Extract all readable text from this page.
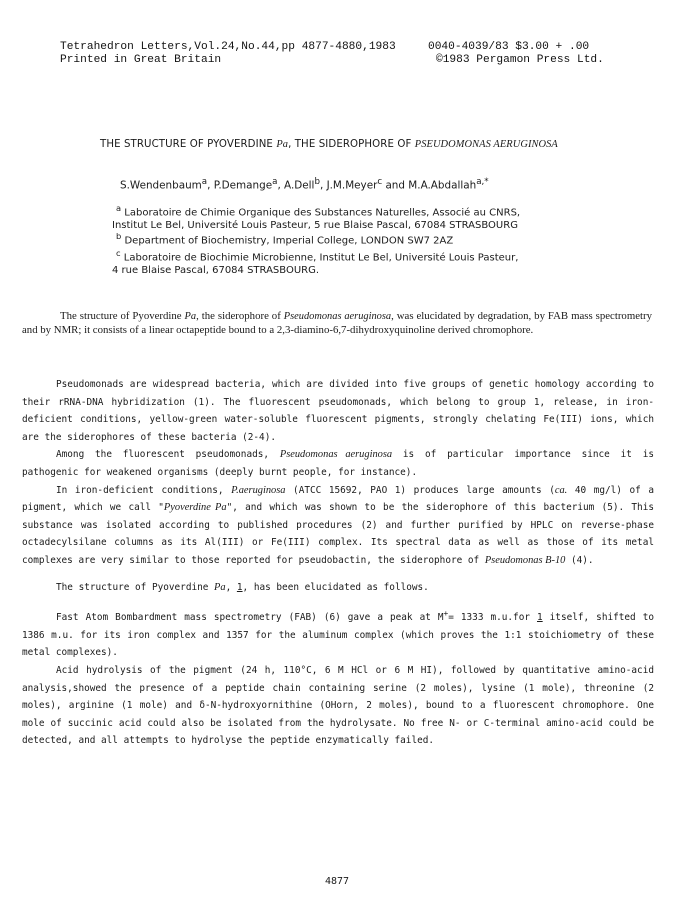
Tetrahedron Letters,Vol.24,No.44,pp 4877-4880,1983
Printed in Great Britain
0040-4039/83 $3.00 + .00
©1983 Pergamon Press Ltd.
THE STRUCTURE OF PYOVERDINE Pa, THE SIDEROPHORE OF PSEUDOMONAS AERUGINOSA
S.Wendenbaum$^a$, P.Demange$^a$, A.Dell$^b$, J.M.Meyer$^c$ and M.A.Abdallah$^{a,*}$
$^a$ Laboratoire de Chimie Organique des Substances Naturelles, Associé au CNRS,
Institut Le Bel, Université Louis Pasteur, 5 rue Blaise Pascal, 67084 STRASBOURG
$^b$ Department of Biochemistry, Imperial College, LONDON SW7 2AZ
$^c$ Laboratoire de Biochimie Microbienne, Institut Le Bel, Université Louis Pasteur,
4 rue Blaise Pascal, 67084 STRASBOURG.
The structure of Pyoverdine Pa, the siderophore of Pseudomonas aeruginosa, was elucidated by degradation, by FAB mass spectrometry and by NMR; it consists of a linear octapeptide bound to a 2,3-diamino-6,7-dihydroxyquinoline derived chromophore.

Pseudomonads are widespread bacteria, which are divided into five groups of genetic homology according to their rRNA-DNA hybridization (1). The fluorescent pseudomonads, which belong to group 1, release, in iron-deficient conditions, yellow-green water-soluble fluorescent pigments, strongly chelating Fe(III) ions, which are the siderophores of these bacteria (2-4).

Among the fluorescent pseudomonads, Pseudomonas aeruginosa is of particular importance since it is pathogenic for weakened organisms (deeply burnt people, for instance).

In iron-deficient conditions, P.aeruginosa (ATCC 15692, PAO 1) produces large amounts (ca. 40 mg/l) of a pigment, which we call "Pyoverdine Pa", and which was shown to be the siderophore of this bacterium (5). This substance was isolated according to published procedures (2) and further purified by HPLC on reverse-phase octadecylsilane columns as its Al(III) or Fe(III) complex. Its spectral data as well as those of its metal complexes are very similar to those reported for pseudobactin, the siderophore of Pseudomonas B-10 (4).

The structure of Pyoverdine Pa, 1, has been elucidated as follows.

Fast Atom Bombardment mass spectrometry (FAB) (6) gave a peak at M+= 1333 m.u.for 1 itself, shifted to 1386 m.u. for its iron complex and 1357 for the aluminum complex (which proves the 1:1 stoichiometry of these metal complexes).

Acid hydrolysis of the pigment (24 h, 110°C, 6 M HCl or 6 M HI), followed by quantitative amino-acid analysis,showed the presence of a peptide chain containing serine (2 moles), lysine (1 mole), threonine (2 moles), arginine (1 mole) and δ-N-hydroxyornithine (OHorn, 2 moles), bound to a fluorescent chromophore. One mole of succinic acid could also be isolated from the hydrolysate. No free N- or C-terminal amino-acid could be detected, and all attempts to hydrolyse the peptide enzymatically failed.

4877
